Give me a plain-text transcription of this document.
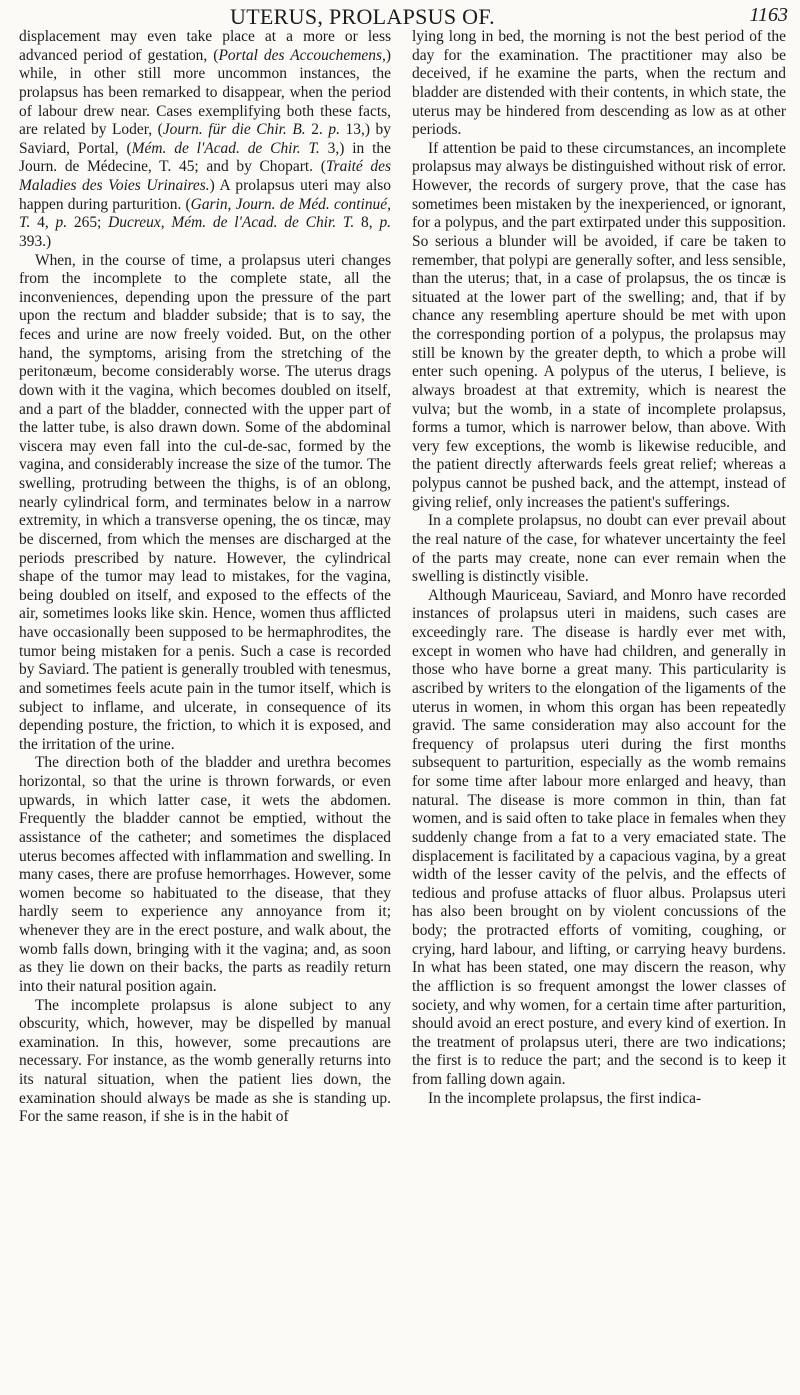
UTERUS, PROLAPSUS OF.	1163

displacement may even take place at a more or less advanced period of gestation, (Portal des Accouchemens,) while, in other still more uncommon instances, the prolapsus has been remarked to disappear, when the period of labour drew near. Cases exemplifying both these facts, are related by Loder, (Journ. für die Chir. B. 2. p. 13,) by Saviard, Portal, (Mém. de l'Acad. de Chir. T. 3,) in the Journ. de Médecine, T. 45; and by Chopart. (Traité des Maladies des Voies Urinaires.) A prolapsus uteri may also happen during parturition. (Garin, Journ. de Méd. continué, T. 4, p. 265; Ducreux, Mém. de l'Acad. de Chir. T. 8, p. 393.)

When, in the course of time, a prolapsus uteri changes from the incomplete to the complete state, all the inconveniences, depending upon the pressure of the part upon the rectum and bladder subside; that is to say, the feces and urine are now freely voided. But, on the other hand, the symptoms, arising from the stretching of the peritonæum, become considerably worse. The uterus drags down with it the vagina, which becomes doubled on itself, and a part of the bladder, connected with the upper part of the latter tube, is also drawn down. Some of the abdominal viscera may even fall into the cul-de-sac, formed by the vagina, and considerably increase the size of the tumor. The swelling, protruding between the thighs, is of an oblong, nearly cylindrical form, and terminates below in a narrow extremity, in which a transverse opening, the os tincæ, may be discerned, from which the menses are discharged at the periods prescribed by nature. However, the cylindrical shape of the tumor may lead to mistakes, for the vagina, being doubled on itself, and exposed to the effects of the air, sometimes looks like skin. Hence, women thus afflicted have occasionally been supposed to be hermaphrodites, the tumor being mistaken for a penis. Such a case is recorded by Saviard. The patient is generally troubled with tenesmus, and sometimes feels acute pain in the tumor itself, which is subject to inflame, and ulcerate, in consequence of its depending posture, the friction, to which it is exposed, and the irritation of the urine.

The direction both of the bladder and urethra becomes horizontal, so that the urine is thrown forwards, or even upwards, in which latter case, it wets the abdomen. Frequently the bladder cannot be emptied, without the assistance of the catheter; and sometimes the displaced uterus becomes affected with inflammation and swelling. In many cases, there are profuse hemorrhages. However, some women become so habituated to the disease, that they hardly seem to experience any annoyance from it; whenever they are in the erect posture, and walk about, the womb falls down, bringing with it the vagina; and, as soon as they lie down on their backs, the parts as readily return into their natural position again.

The incomplete prolapsus is alone subject to any obscurity, which, however, may be dispelled by manual examination. In this, however, some precautions are necessary. For instance, as the womb generally returns into its natural situation, when the patient lies down, the examination should always be made as she is standing up. For the same reason, if she is in the habit of

lying long in bed, the morning is not the best period of the day for the examination. The practitioner may also be deceived, if he examine the parts, when the rectum and bladder are distended with their contents, in which state, the uterus may be hindered from descending as low as at other periods.

If attention be paid to these circumstances, an incomplete prolapsus may always be distinguished without risk of error. However, the records of surgery prove, that the case has sometimes been mistaken by the inexperienced, or ignorant, for a polypus, and the part extirpated under this supposition. So serious a blunder will be avoided, if care be taken to remember, that polypi are generally softer, and less sensible, than the uterus; that, in a case of prolapsus, the os tincæ is situated at the lower part of the swelling; and, that if by chance any resembling aperture should be met with upon the corresponding portion of a polypus, the prolapsus may still be known by the greater depth, to which a probe will enter such opening. A polypus of the uterus, I believe, is always broadest at that extremity, which is nearest the vulva; but the womb, in a state of incomplete prolapsus, forms a tumor, which is narrower below, than above. With very few exceptions, the womb is likewise reducible, and the patient directly afterwards feels great relief; whereas a polypus cannot be pushed back, and the attempt, instead of giving relief, only increases the patient's sufferings.

In a complete prolapsus, no doubt can ever prevail about the real nature of the case, for whatever uncertainty the feel of the parts may create, none can ever remain when the swelling is distinctly visible.

Although Mauriceau, Saviard, and Monro have recorded instances of prolapsus uteri in maidens, such cases are exceedingly rare. The disease is hardly ever met with, except in women who have had children, and generally in those who have borne a great many. This particularity is ascribed by writers to the elongation of the ligaments of the uterus in women, in whom this organ has been repeatedly gravid. The same consideration may also account for the frequency of prolapsus uteri during the first months subsequent to parturition, especially as the womb remains for some time after labour more enlarged and heavy, than natural. The disease is more common in thin, than fat women, and is said often to take place in females when they suddenly change from a fat to a very emaciated state. The displacement is facilitated by a capacious vagina, by a great width of the lesser cavity of the pelvis, and the effects of tedious and profuse attacks of fluor albus. Prolapsus uteri has also been brought on by violent concussions of the body; the protracted efforts of vomiting, coughing, or crying, hard labour, and lifting, or carrying heavy burdens. In what has been stated, one may discern the reason, why the affliction is so frequent amongst the lower classes of society, and why women, for a certain time after parturition, should avoid an erect posture, and every kind of exertion. In the treatment of prolapsus uteri, there are two indications; the first is to reduce the part; and the second is to keep it from falling down again.

In the incomplete prolapsus, the first indica-
